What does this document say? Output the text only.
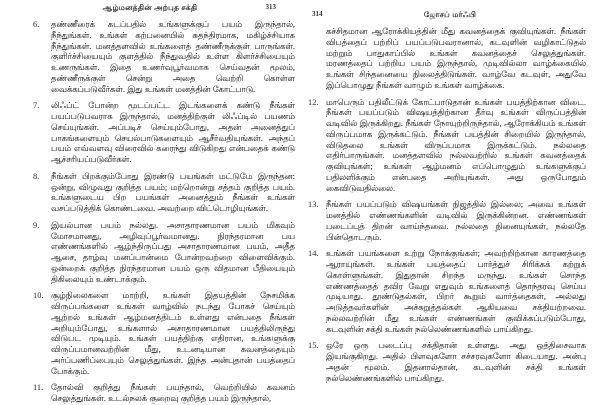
ஆழ்மனத்தின் அற்புத சக்தி	313
6.	தண்ணீரைக் கடப்பதில் உங்களுக்குப் பயம் இருந்தால், நீந்துங்கள். உங்கள் கற்பனையில் சுதந்திரமாக, மகிழ்ச்சியாக நீந்துங்கள். மனத்தளவில் உங்களைத் தண்ணீருக்குள் பாருங்கள். குளிர்ச்சியையும் குளத்தில் நீந்துவதில் உள்ள கிளர்ச்சியையும் உணருங்கள். இதை உணர்வுபூர்வமாக செய்வதன் மூலம், தண்ணீருக்குள் சென்று அதை வெற்றி கொள்ள வைக்கப்படுவீர்கள். இது உங்கள் மனத்தின் கோட்பாடு.

7.	லிஃப்ட் போன்ற மூடப்பட்ட இடங்களைக் கண்டு நீங்கள் பயப்படுபவராக இருந்தால், மனத்திற்குள் லிஃப்டில் பயணம் செய்யுங்கள். அப்படிச் செய்யும்போது, அதன் அனைத்துப் பாகங்களையும் செயல்பாடுகளையும் ஆசீர்வதியுங்கள். அந்தப் பயம் எவ்வளவு விரைவில் கரைந்து விடுகிறது என்பதைக் கண்டு ஆச்சரியப்படுவீர்கள்.

8.	நீங்கள் பிறக்கும்போது இரண்டு பயங்கள் மட்டுமே இருந்தன: ஒன்று, விழுவது குறித்த பயம்; மற்றொன்று சத்தம் குறித்த பயம். உங்களுடைய பிற பயங்கள் அனைத்தும் நீங்கள் உங்கள் வசப்படுத்திக் கொண்டவை. அவற்றை விட்டொழியுங்கள்.

9.	இயல்பான பயம் நல்லது. அசாதாரணமான பயம் மிகவும் மோசமானது, அழிவுப்பூர்வமானது. நிரந்தரமான பய எண்ணங்களில் ஆழ்ந்திருப்பது அசாதாரணமான பயம், அதீத ஆசை, தாழ்வு மனப்பான்மை போன்றவற்றை விளைவிக்கும். ஒன்றைக் குறித்த நிரந்தரமான பயம் ஒரு விதமான பீதியையும் திகிலையும் உண்டாக்கும்.

10. சூழ்நிலைகளை மாற்றி, உங்கள் இதயத்தின் நேசமிக்க விருப்பங்களை உங்கள் வாழ்வில் நடந்து போகச் செய்யும் ஆற்றல் உங்கள் ஆழ்மனத்திடம் உள்ளது என்பதை நீங்கள் அறியும்போது, உங்களால் அசாதாரணமான பயத்திலிருந்து விடுபட முடியும். உங்கள் பயத்திற்கு எதிரான, உங்களுக்கு விருப்பமானவற்றின் மீது, உடனடியான கவனத்தையும் அர்ப்பணிப்பையும் செலுத்துங்கள். இந்த அன்புதான் பயத்தைப் போக்கும்.

11. தோல்வி குறித்து நீங்கள் பயந்தால், வெற்றியில் கவனம் செலுத்துங்கள். உடல்நலக் குறைவு குறித்த பயம் இருந்தால்,

314	ஜோசப் மர்ஃபி

கச்சிதமான ஆரோக்கியத்தின் மீது கவனத்தைக் குவியுங்கள். நீங்கள் விபத்தைப் பற்றிப் பயப்படுபவரானால், கடவுளின் வழிகாட்டுதல் மற்றும் பாதுகாப்பில் உங்கள் கவனத்தைச் செலுத்துங்கள். மரணத்தைப் பற்றிய பயம் இருந்தால், முடிவில்லா வாழ்க்கையில் உங்கள் சிந்தனையை நிலைத்திடுங்கள். வாழ்வே கடவுள், அதுவே இப்பொழுது நீங்கள் வாழும் உங்கள் வாழ்க்கை.

12. மாபெரும் பதிலீட்டுக் கோட்பாடுதான் உங்கள் பயத்திற்கான விடை. நீங்கள் பயப்படும் விஷயத்திற்கான தீர்வு உங்கள் விருப்பத்தின் வடிவில் இருக்கிறது. நீங்கள் நோயுற்றிருந்தால், ஆரோக்கியம் உங்கள் விருப்பமாக இருக்கட்டும். நீங்கள் பயத்தின் சிறையில் இருந்தால், விடுதலை உங்கள் விருப்பமாக இருக்கட்டும். நல்லதை எதிர்பாருங்கள். மனத்தளவில் நல்லவற்றில் உங்கள் கவனத்தைக் குவியுங்கள்; உங்கள் ஆழ்மனம் எப்பொழுதும் உங்களுக்குப் பதிலளிக்கும் என்பதை அறியுங்கள். அது ஒருபோதும் கைவிடுவதில்லை.

13. நீங்கள் பயப்படும் விஷயங்கள் நிஜத்தில் இல்லை; அவை உங்கள் மனத்தில் எண்ணங்களின் வடிவில் இருக்கின்றன. எண்ணங்கள் படைப்புத் திறன் வாய்ந்தவை. நல்லதை நினையுங்கள், நல்லதே பின்தொடரும்.

14. உங்கள் பயங்களை உற்று நோக்குங்கள்; அவற்றிற்கான காரணத்தை ஆராயுங்கள். உங்கள் பயத்தைப் பார்த்துச் சிரிக்கக் கற்றுக் கொள்ளுங்கள். இதுதான் சிறந்த மருந்து. உங்கள் சொந்த எண்ணத்தைத் தவிர வேறு எதுவும் உங்களைத் தொந்தரவு செய்ய முடியாது. தூண்டுதல்கள், பிறர் கூறும் வார்த்தைகள், அல்லது அடுத்தவர்களின் அச்சுறுத்தல்கள் ஆகியவை சக்தியற்றவை. நல்லவற்றின் மீது உங்கள் எண்ணங்கள் குவிக்கப்படும்போது, கடவுளின் சக்தி உங்கள் நல்லெண்ணங்களில் பாய்கிறது.

15. ஒரே ஒரு படைப்பு சக்திதான் உள்ளது. அது ஒத்திசைவாக இயங்குகிறது. அதில் பிளவுகளோ சச்சரவுகளோ கிடையாது. அன்பு அதன் மூலம். இதனால்தான், கடவுளின் சக்தி உங்கள் நல்லெண்ணங்களில் பாய்கிறது.
